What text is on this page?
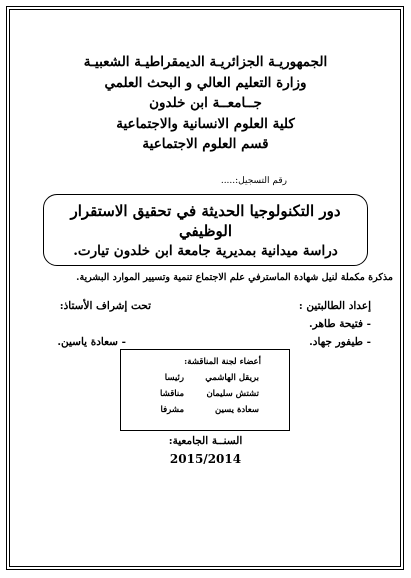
الجمهوريـة الجزائريـة الديمقراطيـة الشعبيـة
وزارة التعليم العالي و البحث العلمي
جــامعــة ابن خلدون
كلية العلوم الانسانية والاجتماعية
قسم العلوم الاجتماعية
رقم التسجيل:.....
دور التكنولوجيا الحديثة في تحقيق الاستقرار
الوظيفي
دراسة ميدانية بمديرية جامعة ابن خلدون تيارت.
مذكرة مكملة لنيل شهادة الماسترفي علم الاجتماع تنمية وتسيير الموارد البشرية.
إعداد الطالبتين :
- فتيحة طاهر.
- طيفور جهاد.
تحت إشراف الأستاذ:
- سعادة ياسين.
أعضاء لجنة المناقشة:
بريقل الهاشمي
رئيسا
تشتش سليمان
مناقشا
سعادة يسين
مشرفا
السنــة الجامعية:
2015/2014
